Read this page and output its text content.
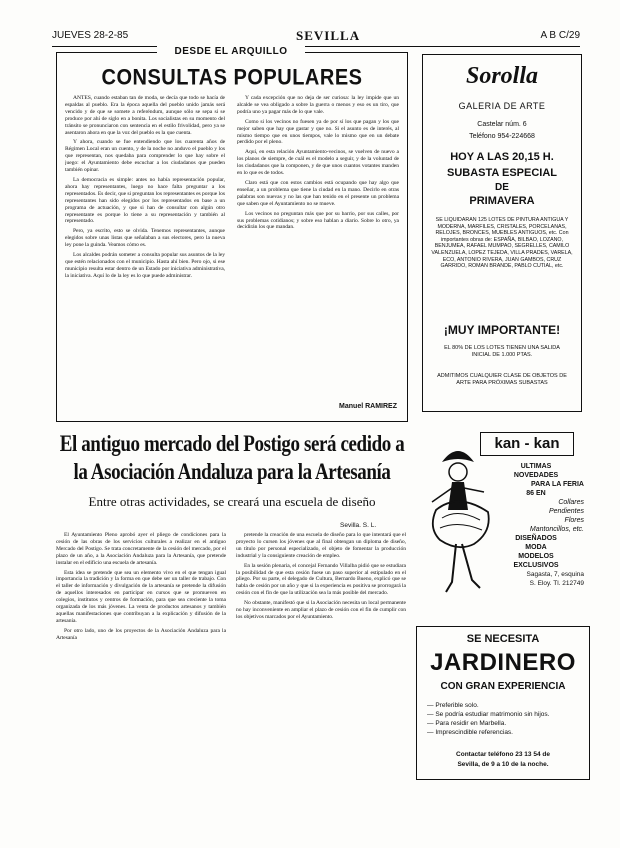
JUEVES 28-2-85	SEVILLA	A B C/29
DESDE EL ARQUILLO
CONSULTAS POPULARES

ANTES, cuando estaban tan de moda, se decía que todo se hacía de espaldas al pueblo. Era la época aquella del pueblo unido jamás será vencido y de que se somete a referéndum, aunque sólo se sepa si se produce por ahí de siglo en a bonita. Los socialistas en su momento del tránsito se pronunciaron con sentencia en el estilo frivolidad, pero ya se asentaron ahora en que la voz del pueblo es la que cuenta.

Y ahora, cuando se fue entendiendo que los cuarenta años de Régimen Local eran un cuento, y de la noche no anduvo el pueblo y los que representan, nos quedaba para comprender lo que hay sobre el juego: el Ayuntamiento debe escuchar a los ciudadanos que pueden también opinar.

La democracia es simple: antes no había representación popular, ahora hay representantes, luego no hace falta preguntar a los representados. Es decir, que si preguntan los representantes es porque los representantes han sido elegidos por los representados en base a un programa de actuación, y que si han de consultar con algún otro representante es porque lo tiene a su representación y también al representado.

Pero, ya escrito, esto se olvida. Tenemos representantes, aunque elegidos sobre unas listas que señalaban a sus electores, pero la nueva ley pone la guinda. Veamos cómo es.

Los alcaldes podrán someter a consulta popular sus asuntos de la ley que estén relacionados con el municipio. Hasta ahí bien. Pero ojo, si ese municipio resulta estar dentro de un Estado por iniciativa administrativa, la iniciativa. Aquí lo de la ley es lo que puede administrar.

Y cada excepción que no deja de ser curiosa: la ley impide que un alcalde se vea obligado a sobre la guerra o menos y eso es un tiro, que podría uno ya pagar más de lo que vale.

Como si los vecinos no fuesen ya de por sí los que pagan y los que mejor saben que hay que gastar y que no. Si el asunto es de interés, al mismo tiempo que en unos tiempos, vale lo mismo que en un debate perdido por el pleno.

Aquí, en esta relación Ayuntamiento-vecinos, se vuelven de nuevo a los planos de siempre, de cuál es el modelo a seguir, y de la voluntad de los ciudadanos que la componen, y de que unos cuantos votantes manden en lo que es de todos.

Claro está que con estos cambios está ocupando que hay algo que enseñar, a un problema que tiene la ciudad en la mano. Decirlo en otras palabras son nuevas y no las que han tenido en el presente un problema que saben que el Ayuntamiento no se mueve.

Los vecinos no preguntan más que por su barrio, por sus calles, por sus problemas cotidianos; y sobre eso hablan a diario. Sobre lo otro, ya decidirán los que mandan.

Manuel RAMIREZ
El antiguo mercado del Postigo será cedido a
la Asociación Andaluza para la Artesanía
Entre otras actividades, se creará una escuela de diseño

El Ayuntamiento Pleno aprobó ayer el pliego de condiciones para la cesión de las obras de los servicios culturales a realizar en el antiguo Mercado del Postigo. Se trata concretamente de la cesión del mercado, por el plazo de un año, a la Asociación Andaluza para la Artesanía, que pretende instalar en el edificio una escuela de artesanía.

Esta idea se pretende que sea un elemento vivo en el que tengan igual importancia la tradición y la forma en que debe ser un taller de trabajo. Con el taller de información y divulgación de la artesanía se pretende la difusión de aquellos interesados en participar en cursos que se promueven en colegios, institutos y centros de formación, para que sea creciente la toma organizada de los más jóvenes. La venta de productos artesanos y también aquellas manifestaciones que contribuyan a la explicación y difusión de la artesanía.

Por otro lado, uno de los proyectos de la Asociación Andaluza para la Artesanía

Sevilla. S. L.

pretende la creación de una escuela de diseño para lo que intentará que el proyecto lo cursen los jóvenes que al final obtengan un diploma de diseño, un título por personal especializado, el objeto de fomentar la producción industrial y la consiguiente creación de empleo.

En la sesión plenaria, el concejal Fernando Villalba pidió que se estudiara la posibilidad de que esta cesión fuese un paso superior al estipulado en el pliego. Por su parte, el delegado de Cultura, Bernardo Bueno, explicó que se habla de cesión por un año y que si la experiencia es positiva se prorrogará la cesión con el fin de que la utilización sea la más posible del mercado.

No obstante, manifestó que si la Asociación necesita un local permanente no hay inconveniente en ampliar el plazo de cesión con el fin de cumplir con los objetivos marcados por el Ayuntamiento.

Sorolla
GALERIA DE ARTE
Castelar núm. 6
Teléfono 954-224668
HOY A LAS 20,15 H.
SUBASTA ESPECIAL
DE
PRIMAVERA
SE LIQUIDARAN 125 LOTES DE PINTURA ANTIGUA Y MODERNA, MARFILES, CRISTALES, PORCELANAS, RELOJES, BRONCES, MUEBLES ANTIGUOS, etc. Con importantes obras de: ESPAÑA, BILBAO, LOZANO, BENJUMEA, RAFAEL MUMPAO, SEGRELLES, CAMILO VALENZUELA, LOPEZ TEJEDA, VILLA PRADES, VARELA, ECO, ANTONIO RIVERA, JUAN GAMBOS, CRUZ GARRIDO, ROMAN BRANDE, PABLO CUTIAL, etc.
¡MUY IMPORTANTE!
EL 80% DE LOS LOTES TIENEN UNA SALIDA INICIAL DE 1.000 PTAS.
ADMITIMOS CUALQUIER CLASE DE OBJETOS DE ARTE PARA PRÓXIMAS SUBASTAS
kan - kan
ULTIMAS
NOVEDADES
PARA LA FERIA
86 EN
Collares
Pendientes
Flores
Mantoncillos, etc.
DISEÑADOS
MODA
MODELOS
EXCLUSIVOS
Sagasta, 7, esquina
S. Eloy. Tl. 212749
SE NECESITA
JARDINERO
CON GRAN EXPERIENCIA
— Preferible solo.
— Se podría estudiar matrimonio sin hijos.
— Para residir en Marbella.
— Imprescindible referencias.
Contactar teléfono 23 13 54 de
Sevilla, de 9 a 10 de la noche.
